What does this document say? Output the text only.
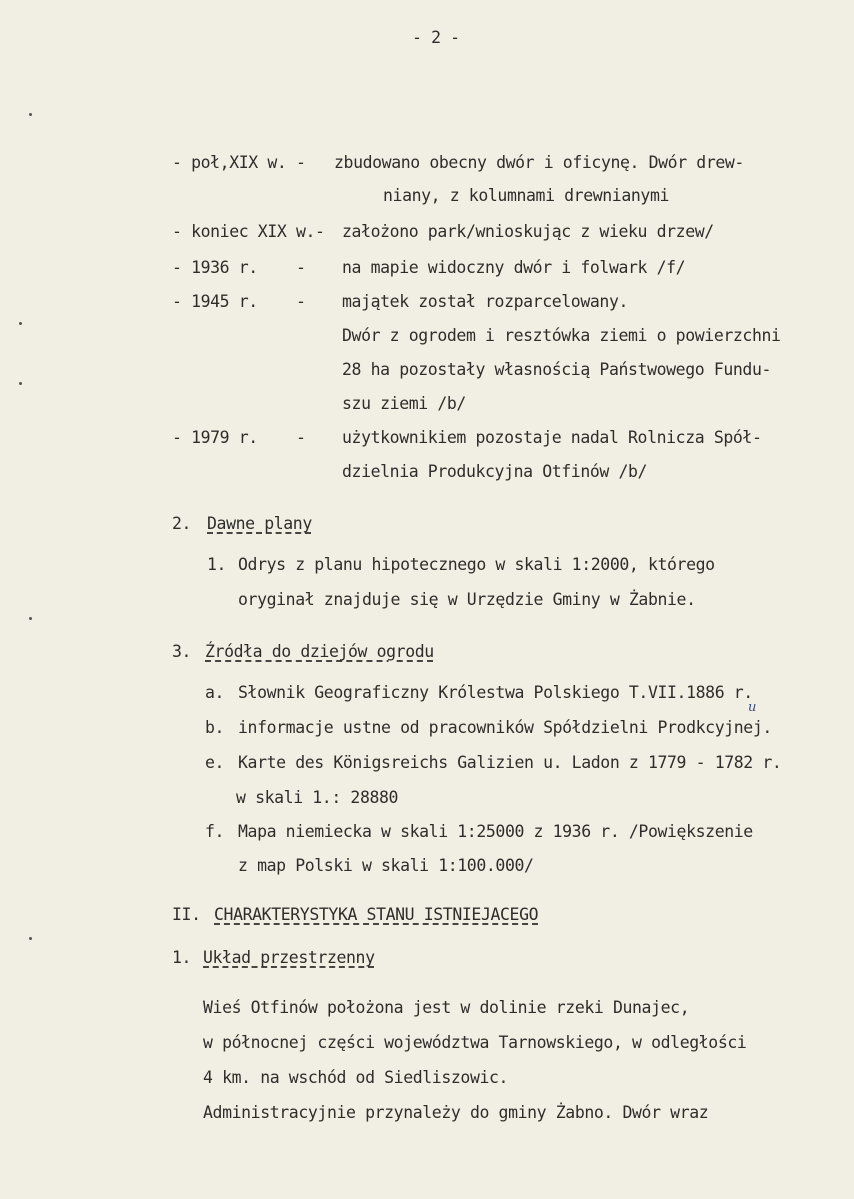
- 2 -
- poł,XIX w. - zbudowano obecny dwór i oficynę. Dwór drew-
niany, z kolumnami drewnianymi
- koniec XIX w.- założono park/wnioskując z wieku drzew/
- 1936 r. - na mapie widoczny dwór i folwark /f/
- 1945 r. - majątek został rozparcelowany.
Dwór z ogrodem i resztówka ziemi o powierzchni
28 ha pozostały własnością Państwowego Fundu-
szu ziemi /b/
- 1979 r. - użytkownikiem pozostaje nadal Rolnicza Spół-
dzielnia Produkcyjna Otfinów /b/
2. Dawne plany
1. Odrys z planu hipotecznego w skali 1:2000, którego
oryginał znajduje się w Urzędzie Gminy w Żabnie.
3. Źródła do dziejów ogrodu
a. Słownik Geograficzny Królestwa Polskiego T.VII.1886 r.
b. informacje ustne od pracowników Spółdzielni Prodkcyjnej.
u
e. Karte des Königsreichs Galizien u. Ladon z 1779 - 1782 r.
w skali 1.: 28880
f. Mapa niemiecka w skali 1:25000 z 1936 r. /Powiększenie
z map Polski w skali 1:100.000/
II. CHARAKTERYSTYKA STANU ISTNIEJACEGO
1. Układ przestrzenny
Wieś Otfinów położona jest w dolinie rzeki Dunajec,
w północnej części województwa Tarnowskiego, w odległości
4 km. na wschód od Siedliszowic.
Administracyjnie przynależy do gminy Żabno. Dwór wraz
